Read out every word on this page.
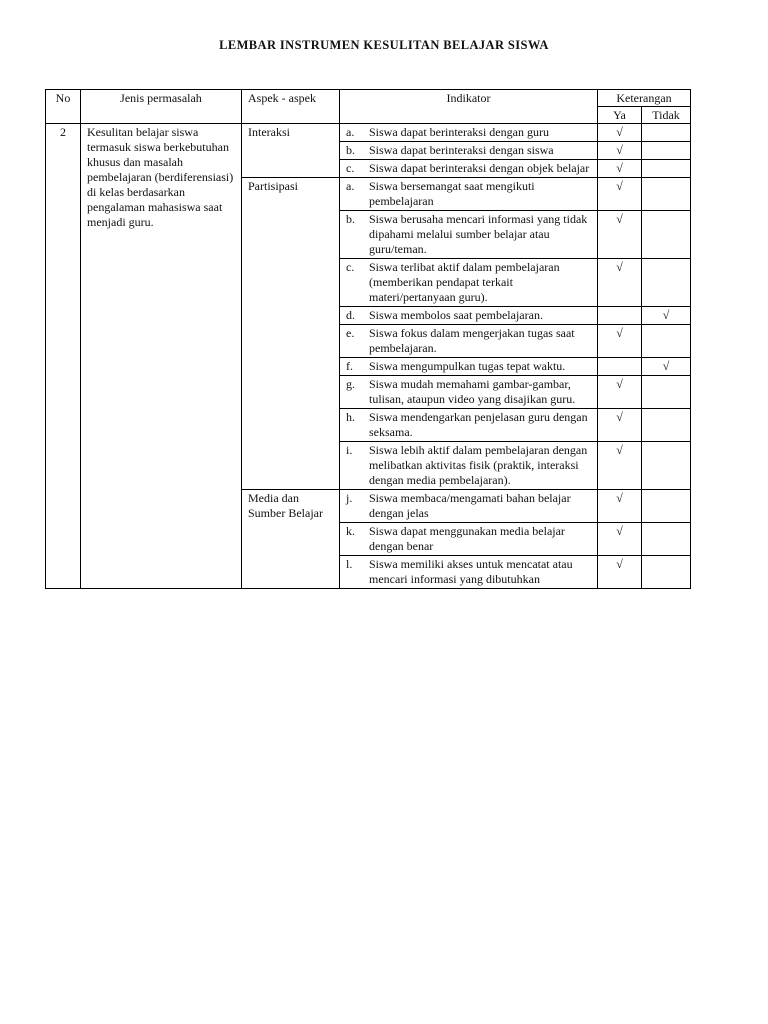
LEMBAR INSTRUMEN KESULITAN BELAJAR SISWA
No	Jenis permasalah	Aspek - aspek	Indikator	Keterangan	
				Ya	Tidak
2	Kesulitan belajar siswa termasuk siswa berkebutuhan khusus dan masalah pembelajaran (berdiferensiasi) di kelas berdasarkan pengalaman mahasiswa saat menjadi guru.	Interaksi	a. Siswa dapat berinteraksi dengan guru	√	

			b. Siswa dapat berinteraksi dengan siswa	√	

			c. Siswa dapat berinteraksi dengan objek belajar	√	
		Partisipasi	a. Siswa bersemangat saat mengikuti pembelajaran	√	

			b. Siswa berusaha mencari informasi yang tidak dipahami melalui sumber belajar atau guru/teman.	√	

			c. Siswa terlibat aktif dalam pembelajaran (memberikan pendapat terkait materi/pertanyaan guru).	√	

			d. Siswa membolos saat pembelajaran.		√

			e. Siswa fokus dalam mengerjakan tugas saat pembelajaran.	√	

			f. Siswa mengumpulkan tugas tepat waktu.		√

			g. Siswa mudah memahami gambar-gambar, tulisan, ataupun video yang disajikan guru.	√	

			h. Siswa mendengarkan penjelasan guru dengan seksama.	√	

			i. Siswa lebih aktif dalam pembelajaran dengan melibatkan aktivitas fisik (praktik, interaksi dengan media pembelajaran).	√	
		Media dan Sumber Belajar	j. Siswa membaca/mengamati bahan belajar dengan jelas	√	

			k. Siswa dapat menggunakan media belajar dengan benar	√	

			l. Siswa memiliki akses untuk mencatat atau mencari informasi yang dibutuhkan	√	
